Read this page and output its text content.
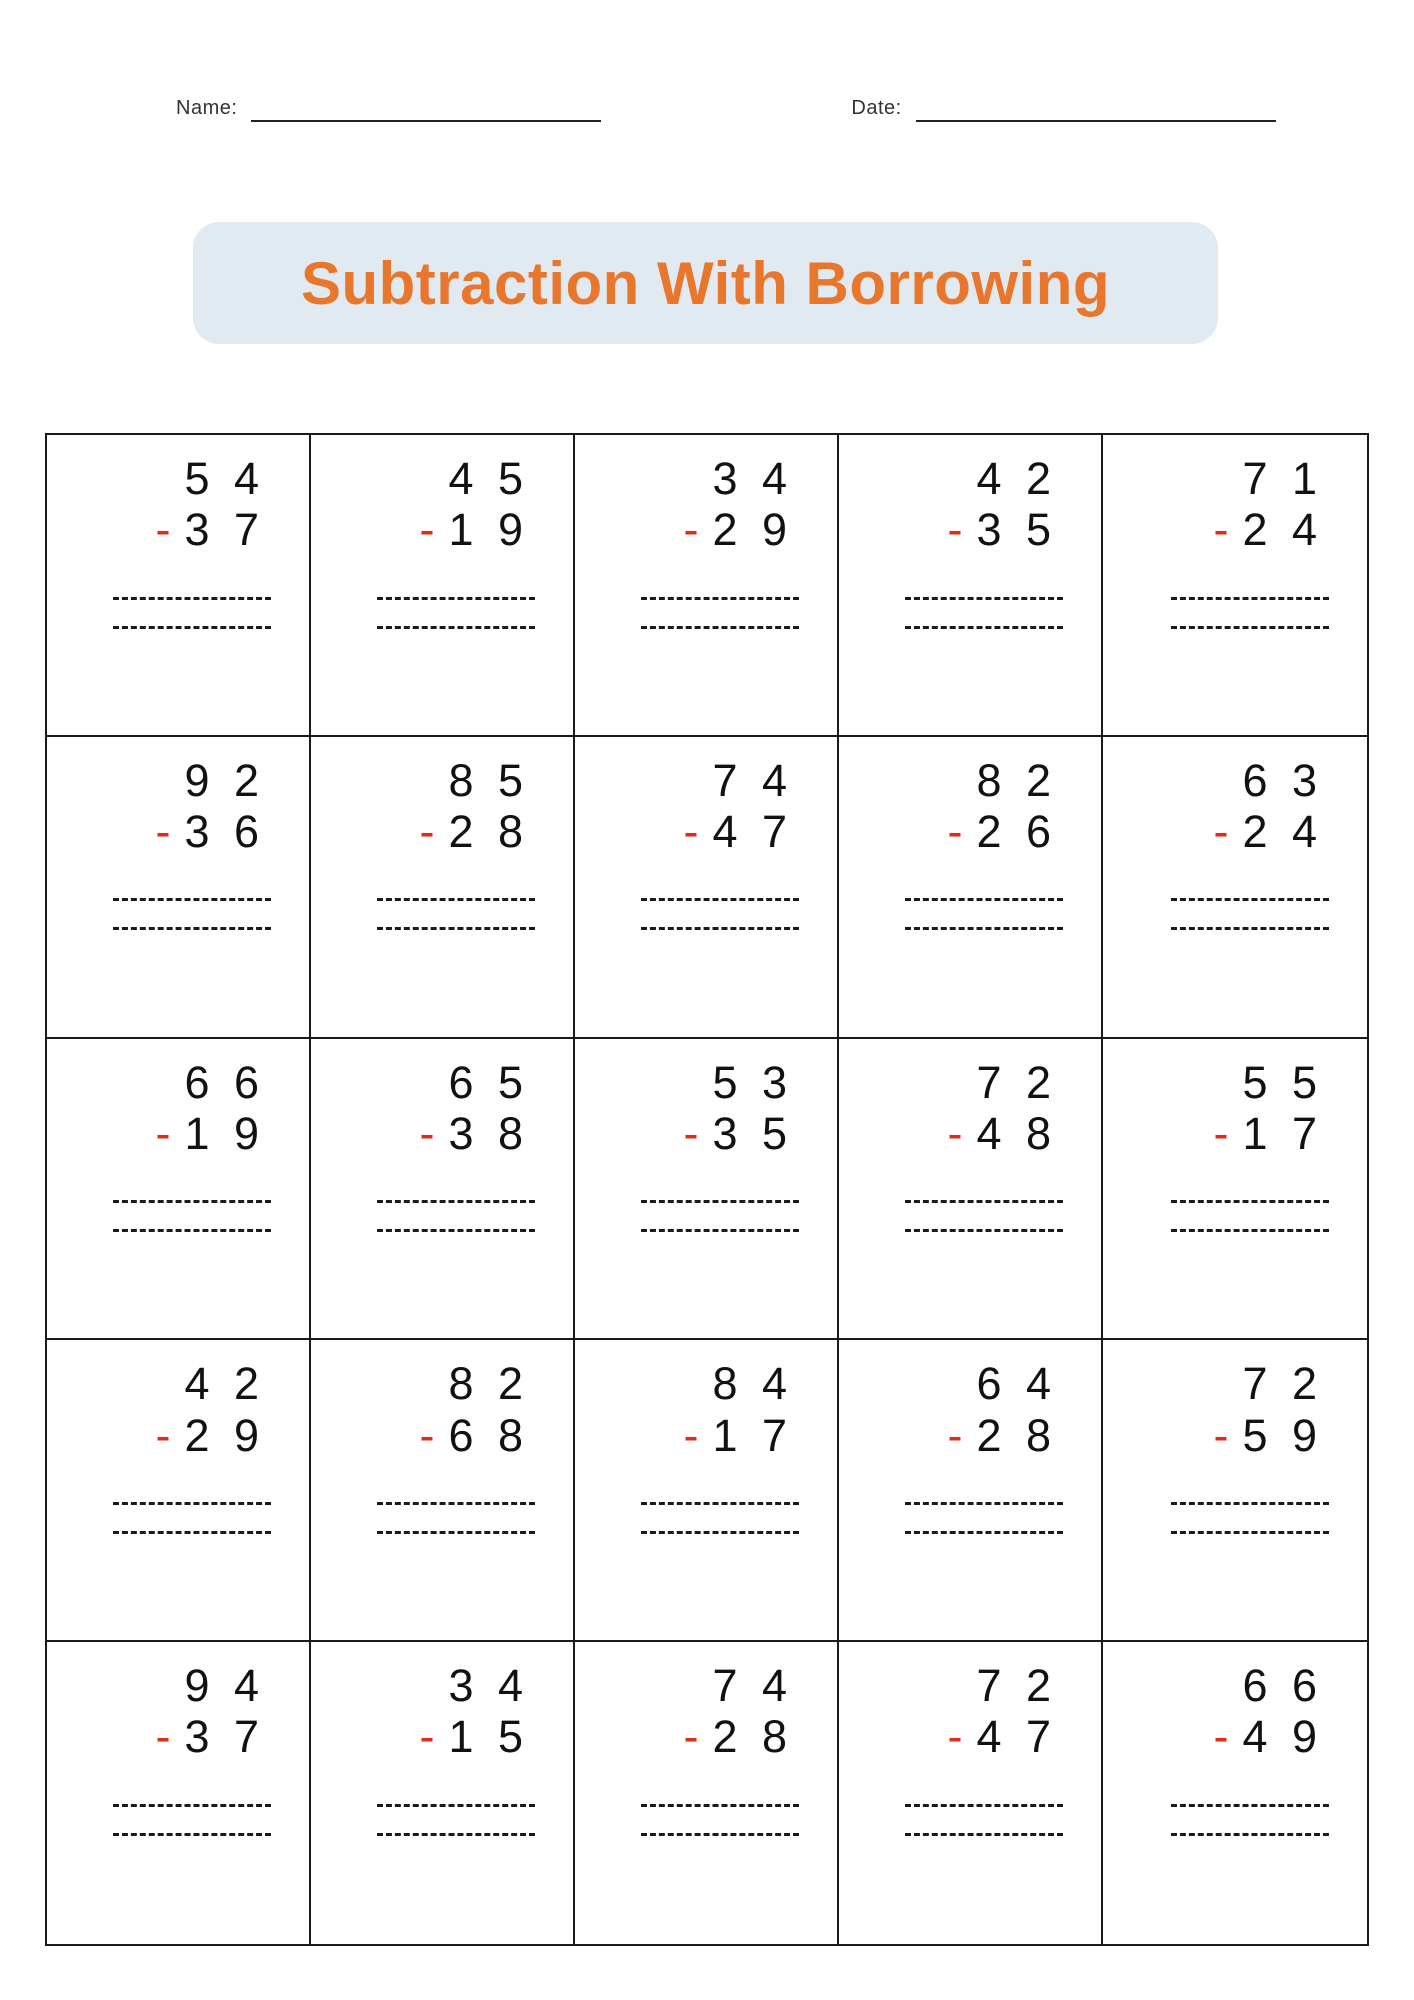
Name:	Date:
Subtraction With Borrowing
5 4
- 3 7
4 5
- 1 9
3 4
- 2 9
4 2
- 3 5
7 1
- 2 4
9 2
- 3 6
8 5
- 2 8
7 4
- 4 7
8 2
- 2 6
6 3
- 2 4
6 6
- 1 9
6 5
- 3 8
5 3
- 3 5
7 2
- 4 8
5 5
- 1 7
4 2
- 2 9
8 2
- 6 8
8 4
- 1 7
6 4
- 2 8
7 2
- 5 9
9 4
- 3 7
3 4
- 1 5
7 4
- 2 8
7 2
- 4 7
6 6
- 4 9
